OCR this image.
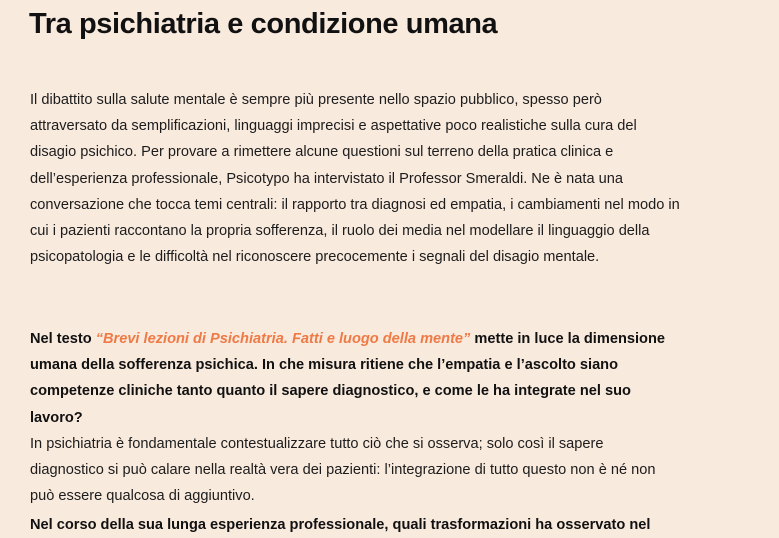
Tra psichiatria e condizione umana

Il dibattito sulla salute mentale è sempre più presente nello spazio pubblico, spesso però attraversato da semplificazioni, linguaggi imprecisi e aspettative poco realistiche sulla cura del disagio psichico. Per provare a rimettere alcune questioni sul terreno della pratica clinica e dell’esperienza professionale, Psicotypo ha intervistato il Professor Smeraldi. Ne è nata una conversazione che tocca temi centrali: il rapporto tra diagnosi ed empatia, i cambiamenti nel modo in cui i pazienti raccontano la propria sofferenza, il ruolo dei media nel modellare il linguaggio della psicopatologia e le difficoltà nel riconoscere precocemente i segnali del disagio mentale.

Nel testo “Brevi lezioni di Psichiatria. Fatti e luogo della mente” mette in luce la dimensione umana della sofferenza psichica. In che misura ritiene che l’empatia e l’ascolto siano competenze cliniche tanto quanto il sapere diagnostico, e come le ha integrate nel suo lavoro?
In psichiatria è fondamentale contestualizzare tutto ciò che si osserva; solo così il sapere diagnostico si può calare nella realtà vera dei pazienti: l’integrazione di tutto questo non è né non può essere qualcosa di aggiuntivo.

Nel corso della sua lunga esperienza professionale, quali trasformazioni ha osservato nel
